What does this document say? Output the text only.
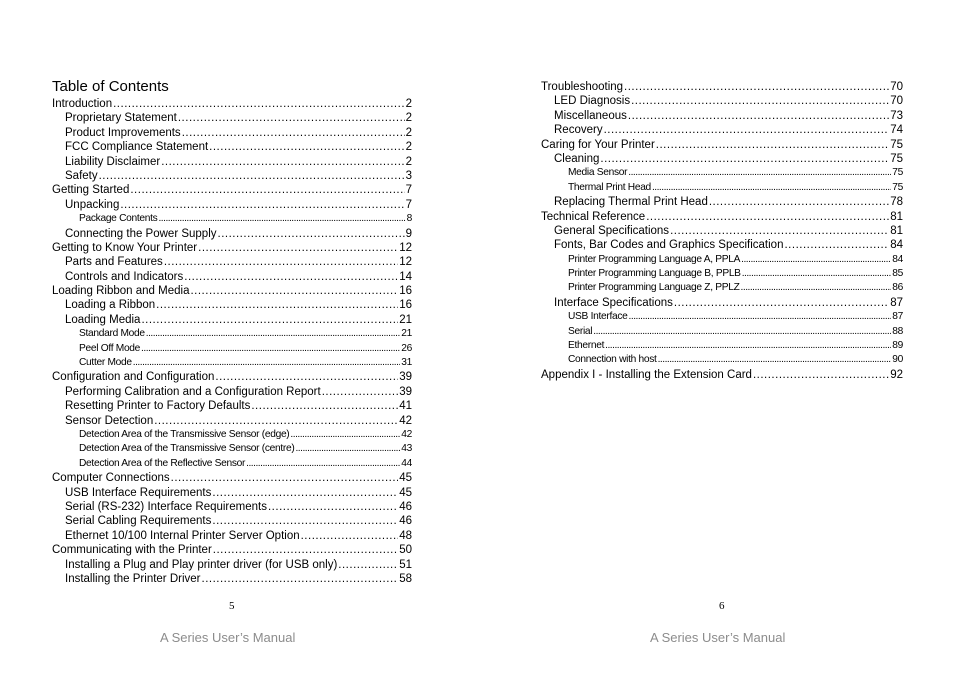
Table of Contents
Introduction .....	2
Proprietary Statement .....	2
Product Improvements .....	2
FCC Compliance Statement .....	2
Liability Disclaimer .....	2
Safety .....	3
Getting Started .....	7
Unpacking .....	7
Package Contents .....	8
Connecting the Power Supply .....	9
Getting to Know Your Printer .....	12
Parts and Features .....	12
Controls and Indicators .....	14
Loading Ribbon and Media .....	16
Loading a Ribbon .....	16
Loading Media .....	21
Standard Mode .....	21
Peel Off Mode .....	26
Cutter Mode .....	31
Configuration and Configuration .....	39
Performing Calibration and a Configuration Report .....	39
Resetting Printer to Factory Defaults .....	41
Sensor Detection .....	42
Detection Area of the Transmissive Sensor (edge) .....	42
Detection Area of the Transmissive Sensor (centre) .....	43
Detection Area of the Reflective Sensor .....	44
Computer Connections .....	45
USB Interface Requirements .....	45
Serial (RS-232) Interface Requirements .....	46
Serial Cabling Requirements .....	46
Ethernet 10/100 Internal Printer Server Option .....	48
Communicating with the Printer .....	50
Installing a Plug and Play printer driver (for USB only) .....	51
Installing the Printer Driver .....	58
5
A Series User’s Manual
Troubleshooting .....	70
LED Diagnosis .....	70
Miscellaneous .....	73
Recovery .....	74
Caring for Your Printer .....	75
Cleaning .....	75
Media Sensor .....	75
Thermal Print Head .....	75
Replacing Thermal Print Head .....	78
Technical Reference .....	81
General Specifications .....	81
Fonts, Bar Codes and Graphics Specification .....	84
Printer Programming Language A, PPLA .....	84
Printer Programming Language B, PPLB .....	85
Printer Programming Language Z, PPLZ .....	86
Interface Specifications .....	87
USB Interface .....	87
Serial .....	88
Ethernet .....	89
Connection with host .....	90
Appendix I - Installing the Extension Card .....	92
6
A Series User’s Manual
